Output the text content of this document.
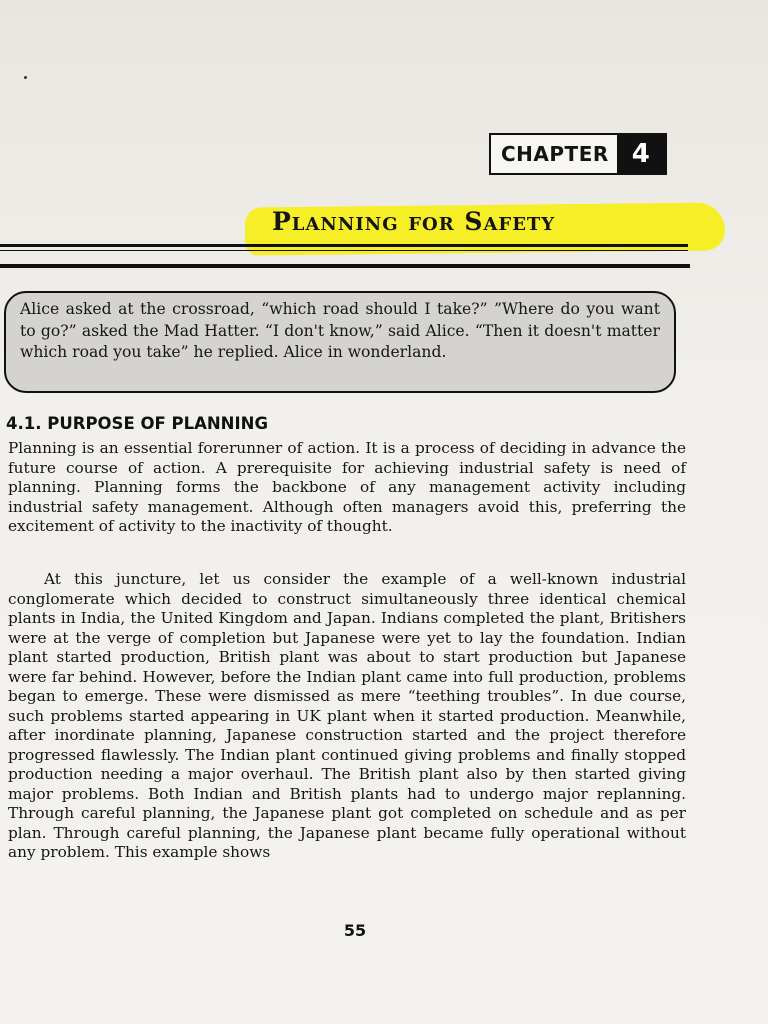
CHAPTER 4
Planning for Safety
Alice asked at the crossroad, “which road should I take?” ”Where do you want to go?” asked the Mad Hatter. “I don't know,” said Alice. “Then it doesn't matter which road you take” he replied. Alice in wonderland.
4.1. PURPOSE OF PLANNING

Planning is an essential forerunner of action. It is a process of deciding in advance the future course of action. A prerequisite for achieving industrial safety is need of planning. Planning forms the backbone of any management activity including industrial safety management. Although often managers avoid this, preferring the excitement of activity to the inactivity of thought.

At this juncture, let us consider the example of a well-known industrial conglomerate which decided to construct simultaneously three identical chemical plants in India, the United Kingdom and Japan. Indians completed the plant, Britishers were at the verge of completion but Japanese were yet to lay the foundation. Indian plant started production, British plant was about to start production but Japanese were far behind. However, before the Indian plant came into full production, problems began to emerge. These were dismissed as mere “teething troubles”. In due course, such problems started appearing in UK plant when it started production. Meanwhile, after inordinate planning, Japanese construction started and the project therefore progressed flawlessly. The Indian plant continued giving problems and finally stopped production needing a major overhaul. The British plant also by then started giving major problems. Both Indian and British plants had to undergo major replanning. Through careful planning, the Japanese plant got completed on schedule and as per plan. Through careful planning, the Japanese plant became fully operational without any problem. This example shows

55
